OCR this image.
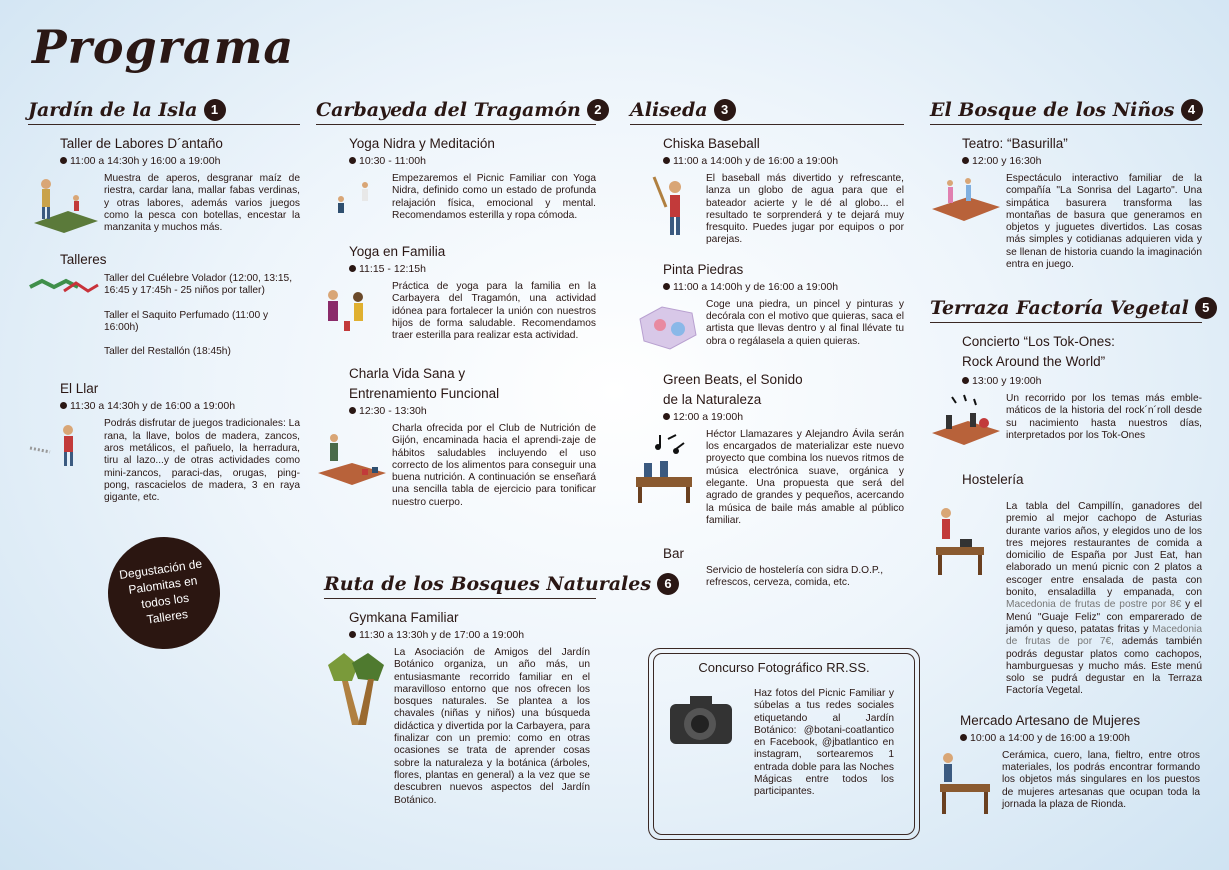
Programa
Jardín de la Isla 1
Taller de Labores D´antaño
11:00 a 14:30h y 16:00 a 19:00h
Muestra de aperos, desgranar maíz de riestra, cardar lana, mallar fabas verdinas, y otras labores, además varios juegos como la pesca con botellas, encestar la manzanita y muchos más.
Talleres
Taller del Cuélebre Volador (12:00, 13:15, 16:45 y 17:45h - 25 niños por taller)
Taller el Saquito Perfumado (11:00 y 16:00h)
Taller del Restallón (18:45h)
El Llar
11:30 a 14:30h y de 16:00 a 19:00h
Podrás disfrutar de juegos tradicionales: La rana, la llave, bolos de madera, zancos, aros metálicos, el pañuelo, la herradura, tiru al lazo...y de otras actividades como mini-zancos, paraci-das, orugas, ping-pong, rascacielos de madera, 3 en raya gigante, etc.
Degustación de Palomitas en todos los Talleres
Carbayeda del Tragamón 2
Yoga Nidra y Meditación
10:30 - 11:00h
Empezaremos el Picnic Familiar con Yoga Nidra, definido como un estado de profunda relajación física, emocional y mental. Recomendamos esterilla y ropa cómoda.
Yoga en Familia
11:15 - 12:15h
Práctica de yoga para la familia en la Carbayera del Tragamón, una actividad idónea para fortalecer la unión con nuestros hijos de forma saludable. Recomendamos traer esterilla para realizar esta actividad.
Charla Vida Sana y
Entrenamiento Funcional
12:30 - 13:30h
Charla ofrecida por el Club de Nutrición de Gijón, encaminada hacia el aprendi-zaje de hábitos saludables incluyendo el uso correcto de los alimentos para conseguir una buena nutrición. A continuación se enseñará una sencilla tabla de ejercicio para tonificar nuestro cuerpo.
Ruta de los Bosques Naturales 6
Gymkana Familiar
11:30 a 13:30h y de 17:00 a 19:00h
La Asociación de Amigos del Jardín Botánico organiza, un año más, un entusiasmante recorrido familiar en el maravilloso entorno que nos ofrecen los bosques naturales. Se plantea a los chavales (niñas y niños) una búsqueda didáctica y divertida por la Carbayera, para finalizar con un premio: como en otras ocasiones se trata de aprender cosas sobre la naturaleza y la botánica (árboles, flores, plantas en general) a la vez que se descubren nuevos aspectos del Jardín Botánico.
Aliseda 3
Chiska Baseball
11:00 a 14:00h y de 16:00 a 19:00h
El baseball más divertido y refrescante, lanza un globo de agua para que el bateador acierte y le dé al globo... el resultado te sorprenderá y te dejará muy fresquito. Puedes jugar por equipos o por parejas.
Pinta Piedras
11:00 a 14:00h y de 16:00 a 19:00h
Coge una piedra, un pincel y pinturas y decórala con el motivo que quieras, saca el artista que llevas dentro y al final llévate tu obra o regálasela a quien quieras.
Green Beats, el Sonido
de la Naturaleza
12:00 a 19:00h
Héctor Llamazares y Alejandro Ávila serán los encargados de materializar este nuevo proyecto que combina los nuevos ritmos de música electrónica suave, orgánica y elegante. Una propuesta que será del agrado de grandes y pequeños, acercando la música de baile más amable al público familiar.
Bar
Servicio de hostelería con sidra D.O.P., refrescos, cerveza, comida, etc.
Concurso Fotográfico RR.SS.
Haz fotos del Picnic Familiar y súbelas a tus redes sociales etiquetando al Jardín Botánico: @botani-coatlantico en Facebook, @jbatlantico en instagram, sortearemos 1 entrada doble para las Noches Mágicas entre todos los participantes.
El Bosque de los Niños 4
Teatro: “Basurilla”
12:00 y 16:30h
Espectáculo interactivo familiar de la compañía "La Sonrisa del Lagarto". Una simpática basurera transforma las montañas de basura que generamos en objetos y juguetes divertidos. Las cosas más simples y cotidianas adquieren vida y se llenan de historia cuando la imaginación entra en juego.
Terraza Factoría Vegetal 5
Concierto “Los Tok-Ones:
Rock Around the World”
13:00 y 19:00h
Un recorrido por los temas más emble-máticos de la historia del rock´n´roll desde su nacimiento hasta nuestros días, interpretados por los Tok-Ones
Hostelería
La tabla del Campillín, ganadores del premio al mejor cachopo de Asturias durante varios años, y elegidos uno de los tres mejores restaurantes de comida a domicilio de España por Just Eat, han elaborado un menú picnic con 2 platos a escoger entre ensalada de pasta con bonito, ensaladilla y empanada, con Macedonia de frutas de postre por 8€ y el Menú "Guaje Feliz" con emparerado de jamón y queso, patatas fritas y Macedonia de frutas de por 7€, además también podrás degustar platos como cachopos, hamburguesas y mucho más. Este menú solo se pudrá degustar en la Terraza Factoría Vegetal.
Mercado Artesano de Mujeres
10:00 a 14:00 y de 16:00 a 19:00h
Cerámica, cuero, lana, fieltro, entre otros materiales, los podrás encontrar formando los objetos más singulares en los puestos de mujeres artesanas que ocupan toda la jornada la plaza de Rionda.
